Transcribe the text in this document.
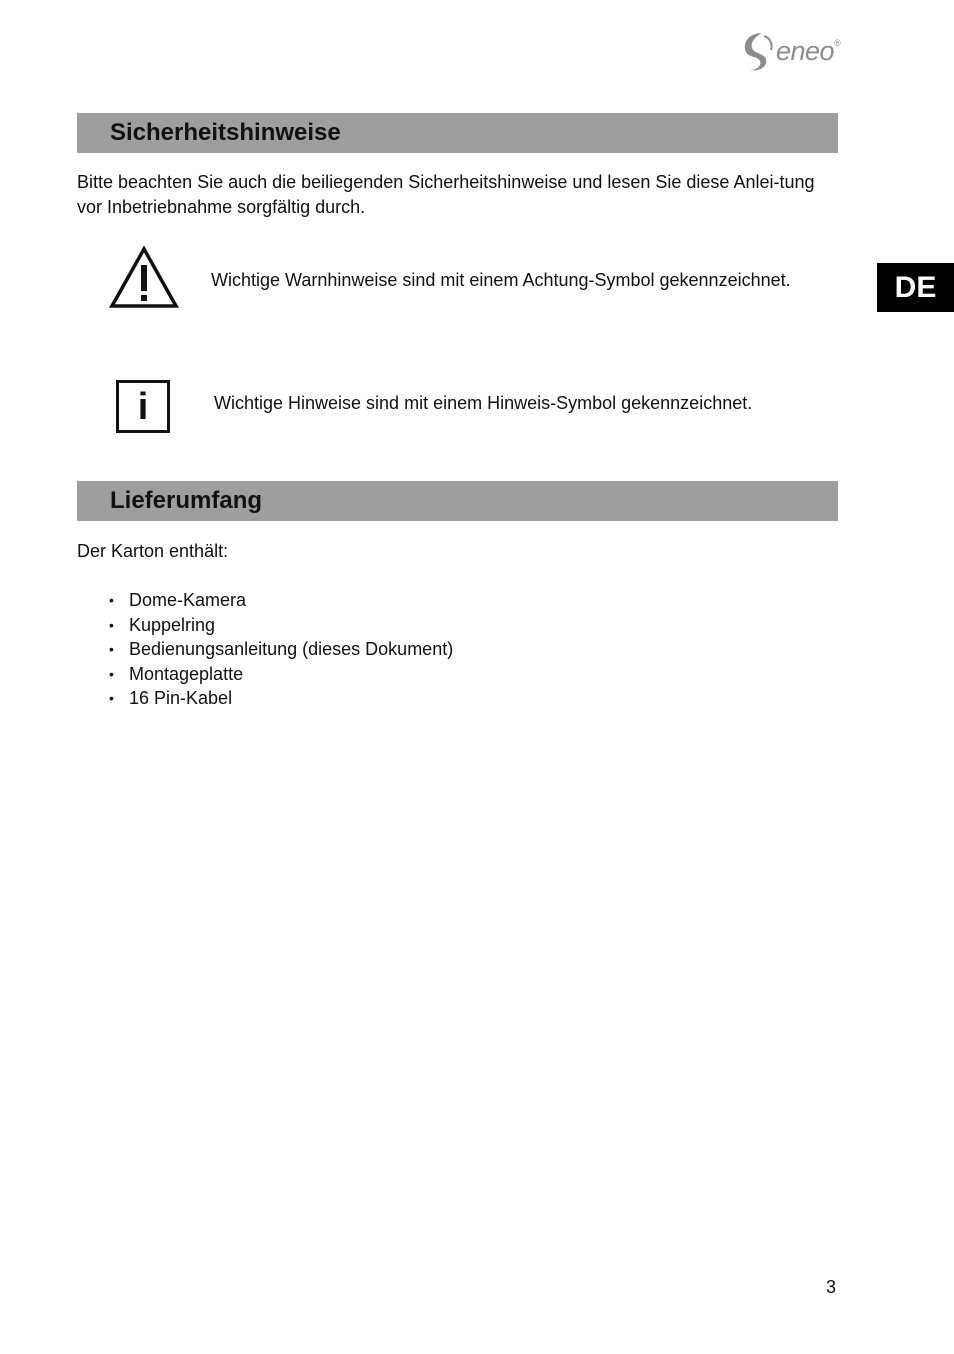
eneo ®
DE
Sicherheitshinweise

Bitte beachten Sie auch die beiliegenden Sicherheitshinweise und lesen Sie diese Anlei-tung vor Inbetriebnahme sorgfältig durch.

Wichtige Warnhinweise sind mit einem Achtung-Symbol gekennzeichnet.
i	Wichtige Hinweise sind mit einem Hinweis-Symbol gekennzeichnet.
Lieferumfang

Der Karton enthält:

• Dome-Kamera
• Kuppelring
• Bedienungsanleitung (dieses Dokument)
• Montageplatte
• 16 Pin-Kabel
3
